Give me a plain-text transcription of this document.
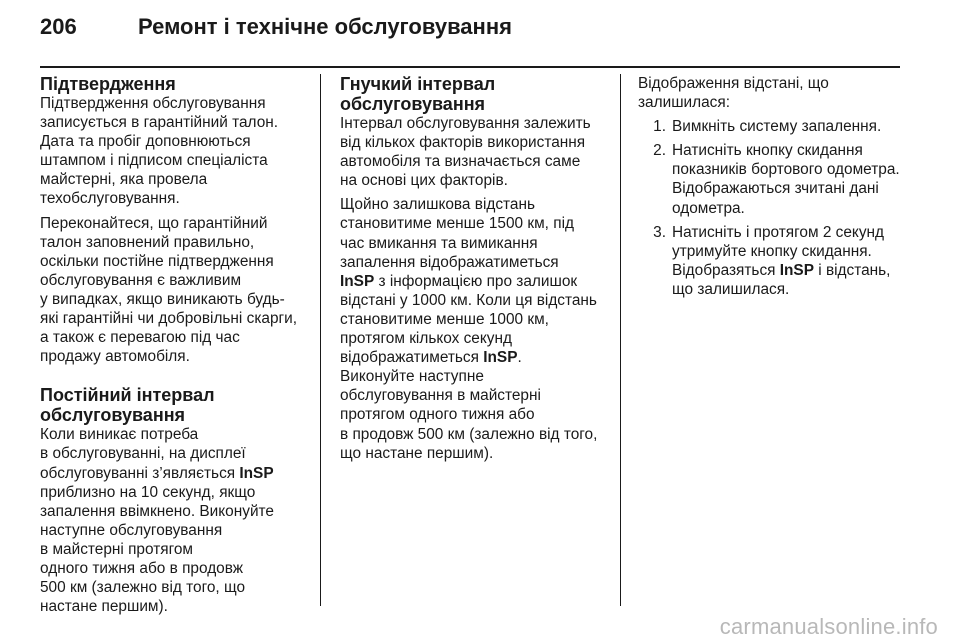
206	Ремонт і технічне обслуговування
Підтвердження

Підтвердження обслуговування
записується в гарантійний талон.
Дата та пробіг доповнюються
штампом і підписом спеціаліста
майстерні, яка провела
техобслуговування.

Переконайтеся, що гарантійний
талон заповнений правильно,
оскільки постійне підтвердження
обслуговування є важливим
у випадках, якщо виникають будь-
які гарантійні чи добровільні скарги,
а також є перевагою під час
продажу автомобіля.

Постійний інтервал
обслуговування

Коли виникає потреба
в обслуговуванні, на дисплеї
обслуговуванні з’являється InSP
приблизно на 10 секунд, якщо
запалення ввімкнено. Виконуйте
наступне обслуговування
в майстерні протягом
одного тижня або в продовж
500 км (залежно від того, що
настане першим).

Гнучкий інтервал
обслуговування

Інтервал обслуговування залежить
від кількох факторів використання
автомобіля та визначається саме
на основі цих факторів.

Щойно залишкова відстань
становитиме менше 1500 км, під
час вмикання та вимикання
запалення відображатиметься
InSP з інформацією про залишок
відстані у 1000 км. Коли ця відстань
становитиме менше 1000 км,
протягом кількох секунд
відображатиметься InSP.
Виконуйте наступне
обслуговування в майстерні
протягом одного тижня або
в продовж 500 км (залежно від того,
що настане першим).

Відображення відстані, що
залишилася:

1. Вимкніть систему запалення.
2. Натисніть кнопку скидання
показників бортового одометра.
Відображаються зчитані дані
одометра.
3. Натисніть і протягом 2 секунд
утримуйте кнопку скидання.
Відобразяться InSP і відстань,
що залишилася.
carmanualsonline.info
